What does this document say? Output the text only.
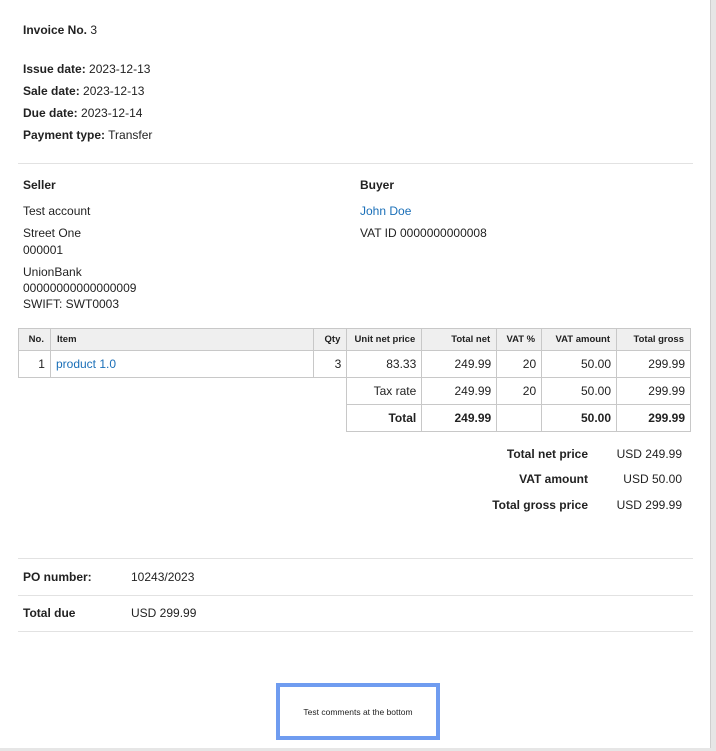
Invoice No. 3
Issue date: 2023-12-13
Sale date: 2023-12-13
Due date: 2023-12-14
Payment type: Transfer
Seller
Test account
Street One
000001
UnionBank
00000000000000009
SWIFT: SWT0003
Buyer
John Doe
VAT ID 0000000000008
No.	Item	Qty	Unit net price	Total net	VAT %	VAT amount	Total gross
1	product 1.0	3	83.33	249.99	20	50.00	299.99
			Tax rate	249.99	20	50.00	299.99
			Total	249.99		50.00	299.99
Total net price USD 249.99
VAT amount	USD 50.00
Total gross price USD 299.99
PO number:	10243/2023
Total due	USD 299.99
Test comments at the bottom
